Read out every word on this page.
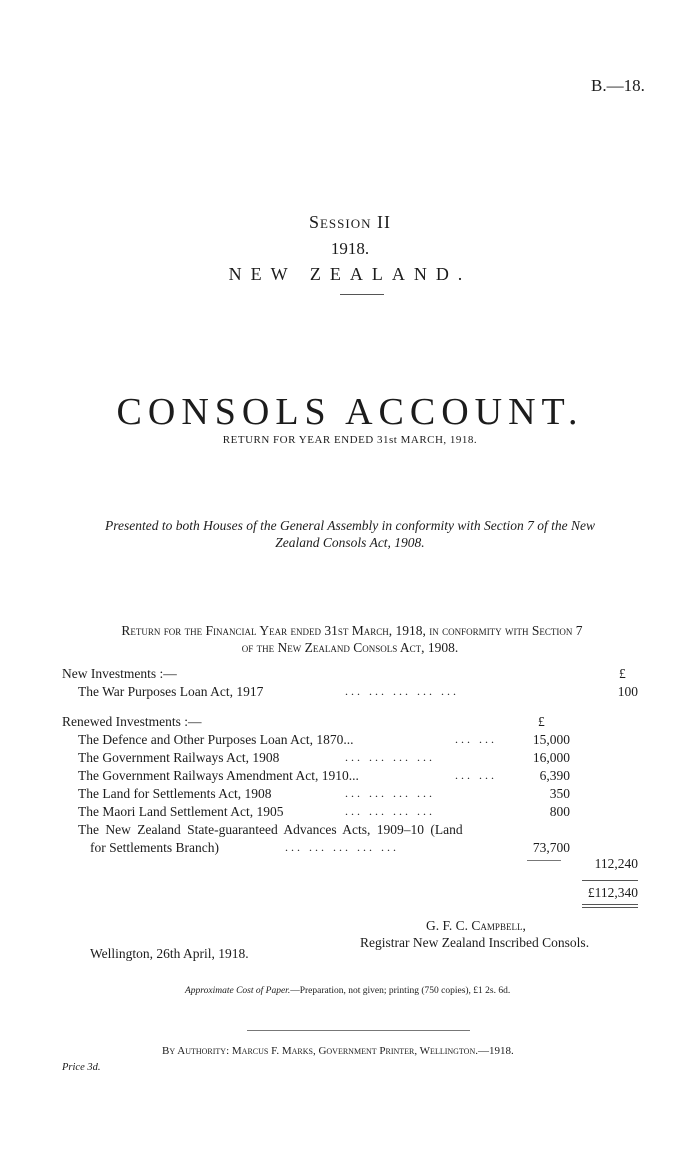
B.—18.
Session II
1918.
NEW ZEALAND.
CONSOLS ACCOUNT.
RETURN FOR YEAR ENDED 31st MARCH, 1918.
Presented to both Houses of the General Assembly in conformity with Section 7 of the New
Zealand Consols Act, 1908.
Return for the Financial Year ended 31st March, 1918, in conformity with Section 7
of the New Zealand Consols Act, 1908.
New Investments :—	£
The War Purposes Loan Act, 1917	... ... ... ... ...	100
Renewed Investments :—	£
The Defence and Other Purposes Loan Act, 1870...	... ...	15,000
The Government Railways Act, 1908	... ... ... ...	16,000
The Government Railways Amendment Act, 1910...	... ...	6,390
The Land for Settlements Act, 1908	... ... ... ...	350
The Maori Land Settlement Act, 1905	... ... ... ...	800
The New Zealand State-guaranteed Advances Acts, 1909–10 (Land
for Settlements Branch)	... ... ... ... ...	73,700
112,240
£112,340
G. F. C. Campbell,
Registrar New Zealand Inscribed Consols.
Wellington, 26th April, 1918.
Approximate Cost of Paper.—Preparation, not given; printing (750 copies), £1 2s. 6d.
By Authority: Marcus F. Marks, Government Printer, Wellington.—1918.
Price 3d.
